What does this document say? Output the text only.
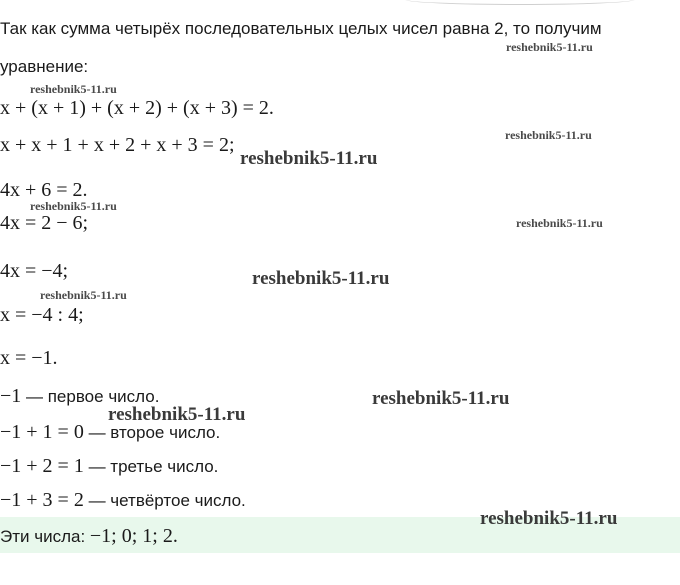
Так как сумма четырёх последовательных целых чисел равна 2, то получим
уравнение:
x + (x + 1) + (x + 2) + (x + 3) = 2.
x + x + 1 + x + 2 + x + 3 = 2;
4x + 6 = 2.
4x = 2 − 6;
4x = −4;
x = −4 : 4;
x = −1.
−1 — первое число.
−1 + 1 = 0 — второе число.
−1 + 2 = 1 — третье число.
−1 + 3 = 2 — четвёртое число.
Эти числа: −1; 0; 1; 2.
reshebnik5-11.ru
reshebnik5-11.ru
reshebnik5-11.ru
reshebnik5-11.ru
reshebnik5-11.ru
reshebnik5-11.ru
reshebnik5-11.ru
reshebnik5-11.ru
reshebnik5-11.ru
reshebnik5-11.ru
reshebnik5-11.ru
